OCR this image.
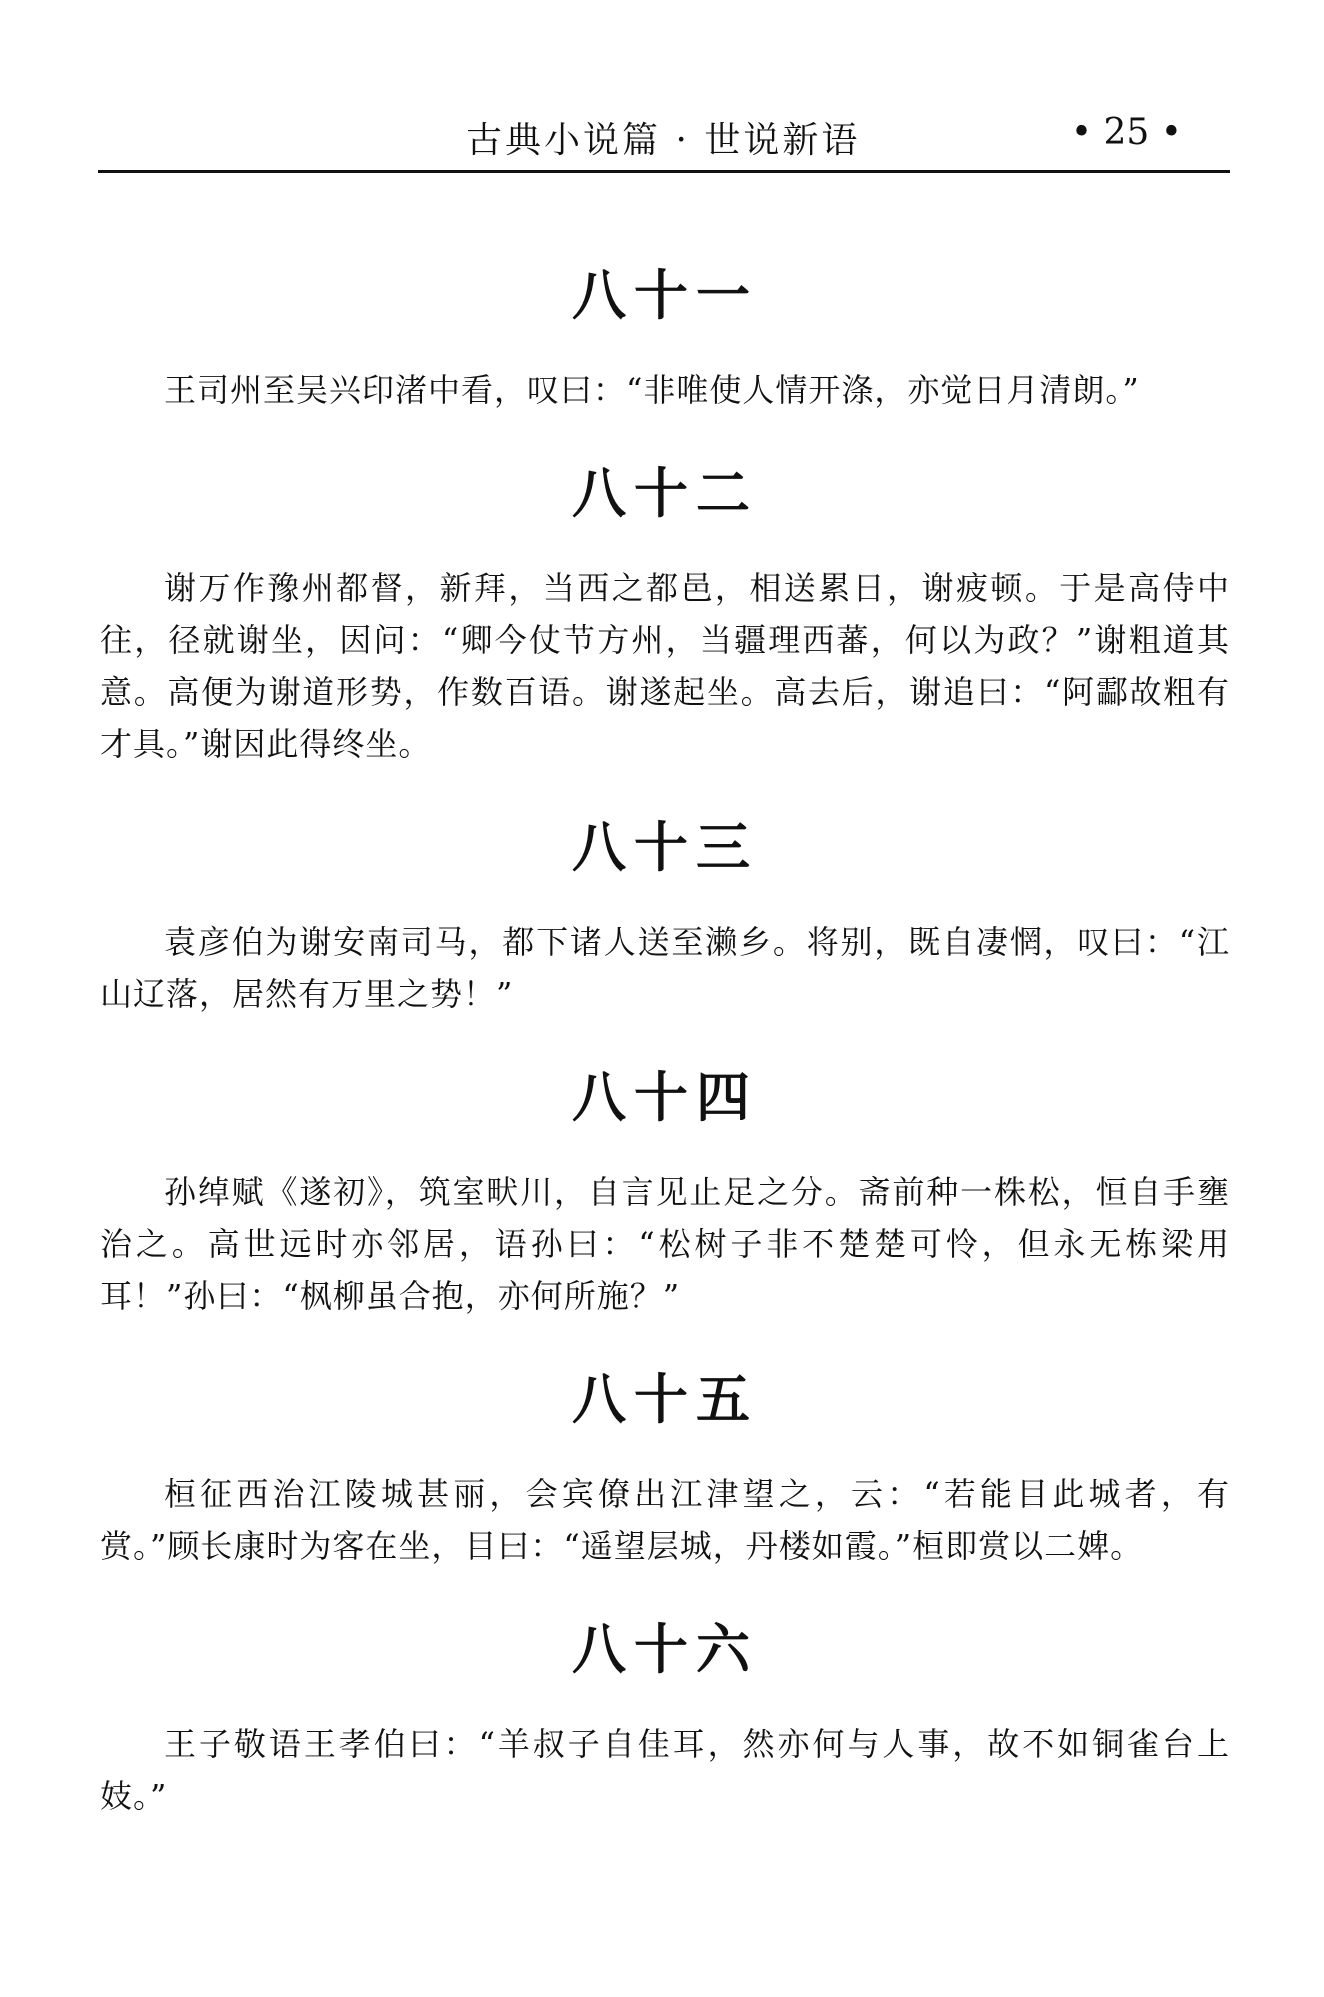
古典小说篇 · 世说新语	• 25 •
八十一

王司州至吴兴印渚中看，叹曰：“非唯使人情开涤，亦觉日月清朗。”

八十二

谢万作豫州都督，新拜，当西之都邑，相送累日，谢疲顿。于是高侍中往，径就谢坐，因问：“卿今仗节方州，当疆理西蕃，何以为政？”谢粗道其意。高便为谢道形势，作数百语。谢遂起坐。高去后，谢追曰：“阿酃故粗有才具。”谢因此得终坐。

八十三

袁彦伯为谢安南司马，都下诸人送至濑乡。将别，既自凄惘，叹曰：“江山辽落，居然有万里之势！”

八十四

孙绰赋《遂初》，筑室畎川，自言见止足之分。斋前种一株松，恒自手壅治之。高世远时亦邻居，语孙曰：“松树子非不楚楚可怜，但永无栋梁用耳！”孙曰：“枫柳虽合抱，亦何所施？”

八十五

桓征西治江陵城甚丽，会宾僚出江津望之，云：“若能目此城者，有赏。”顾长康时为客在坐，目曰：“遥望层城，丹楼如霞。”桓即赏以二婢。

八十六

王子敬语王孝伯曰：“羊叔子自佳耳，然亦何与人事，故不如铜雀台上妓。”
